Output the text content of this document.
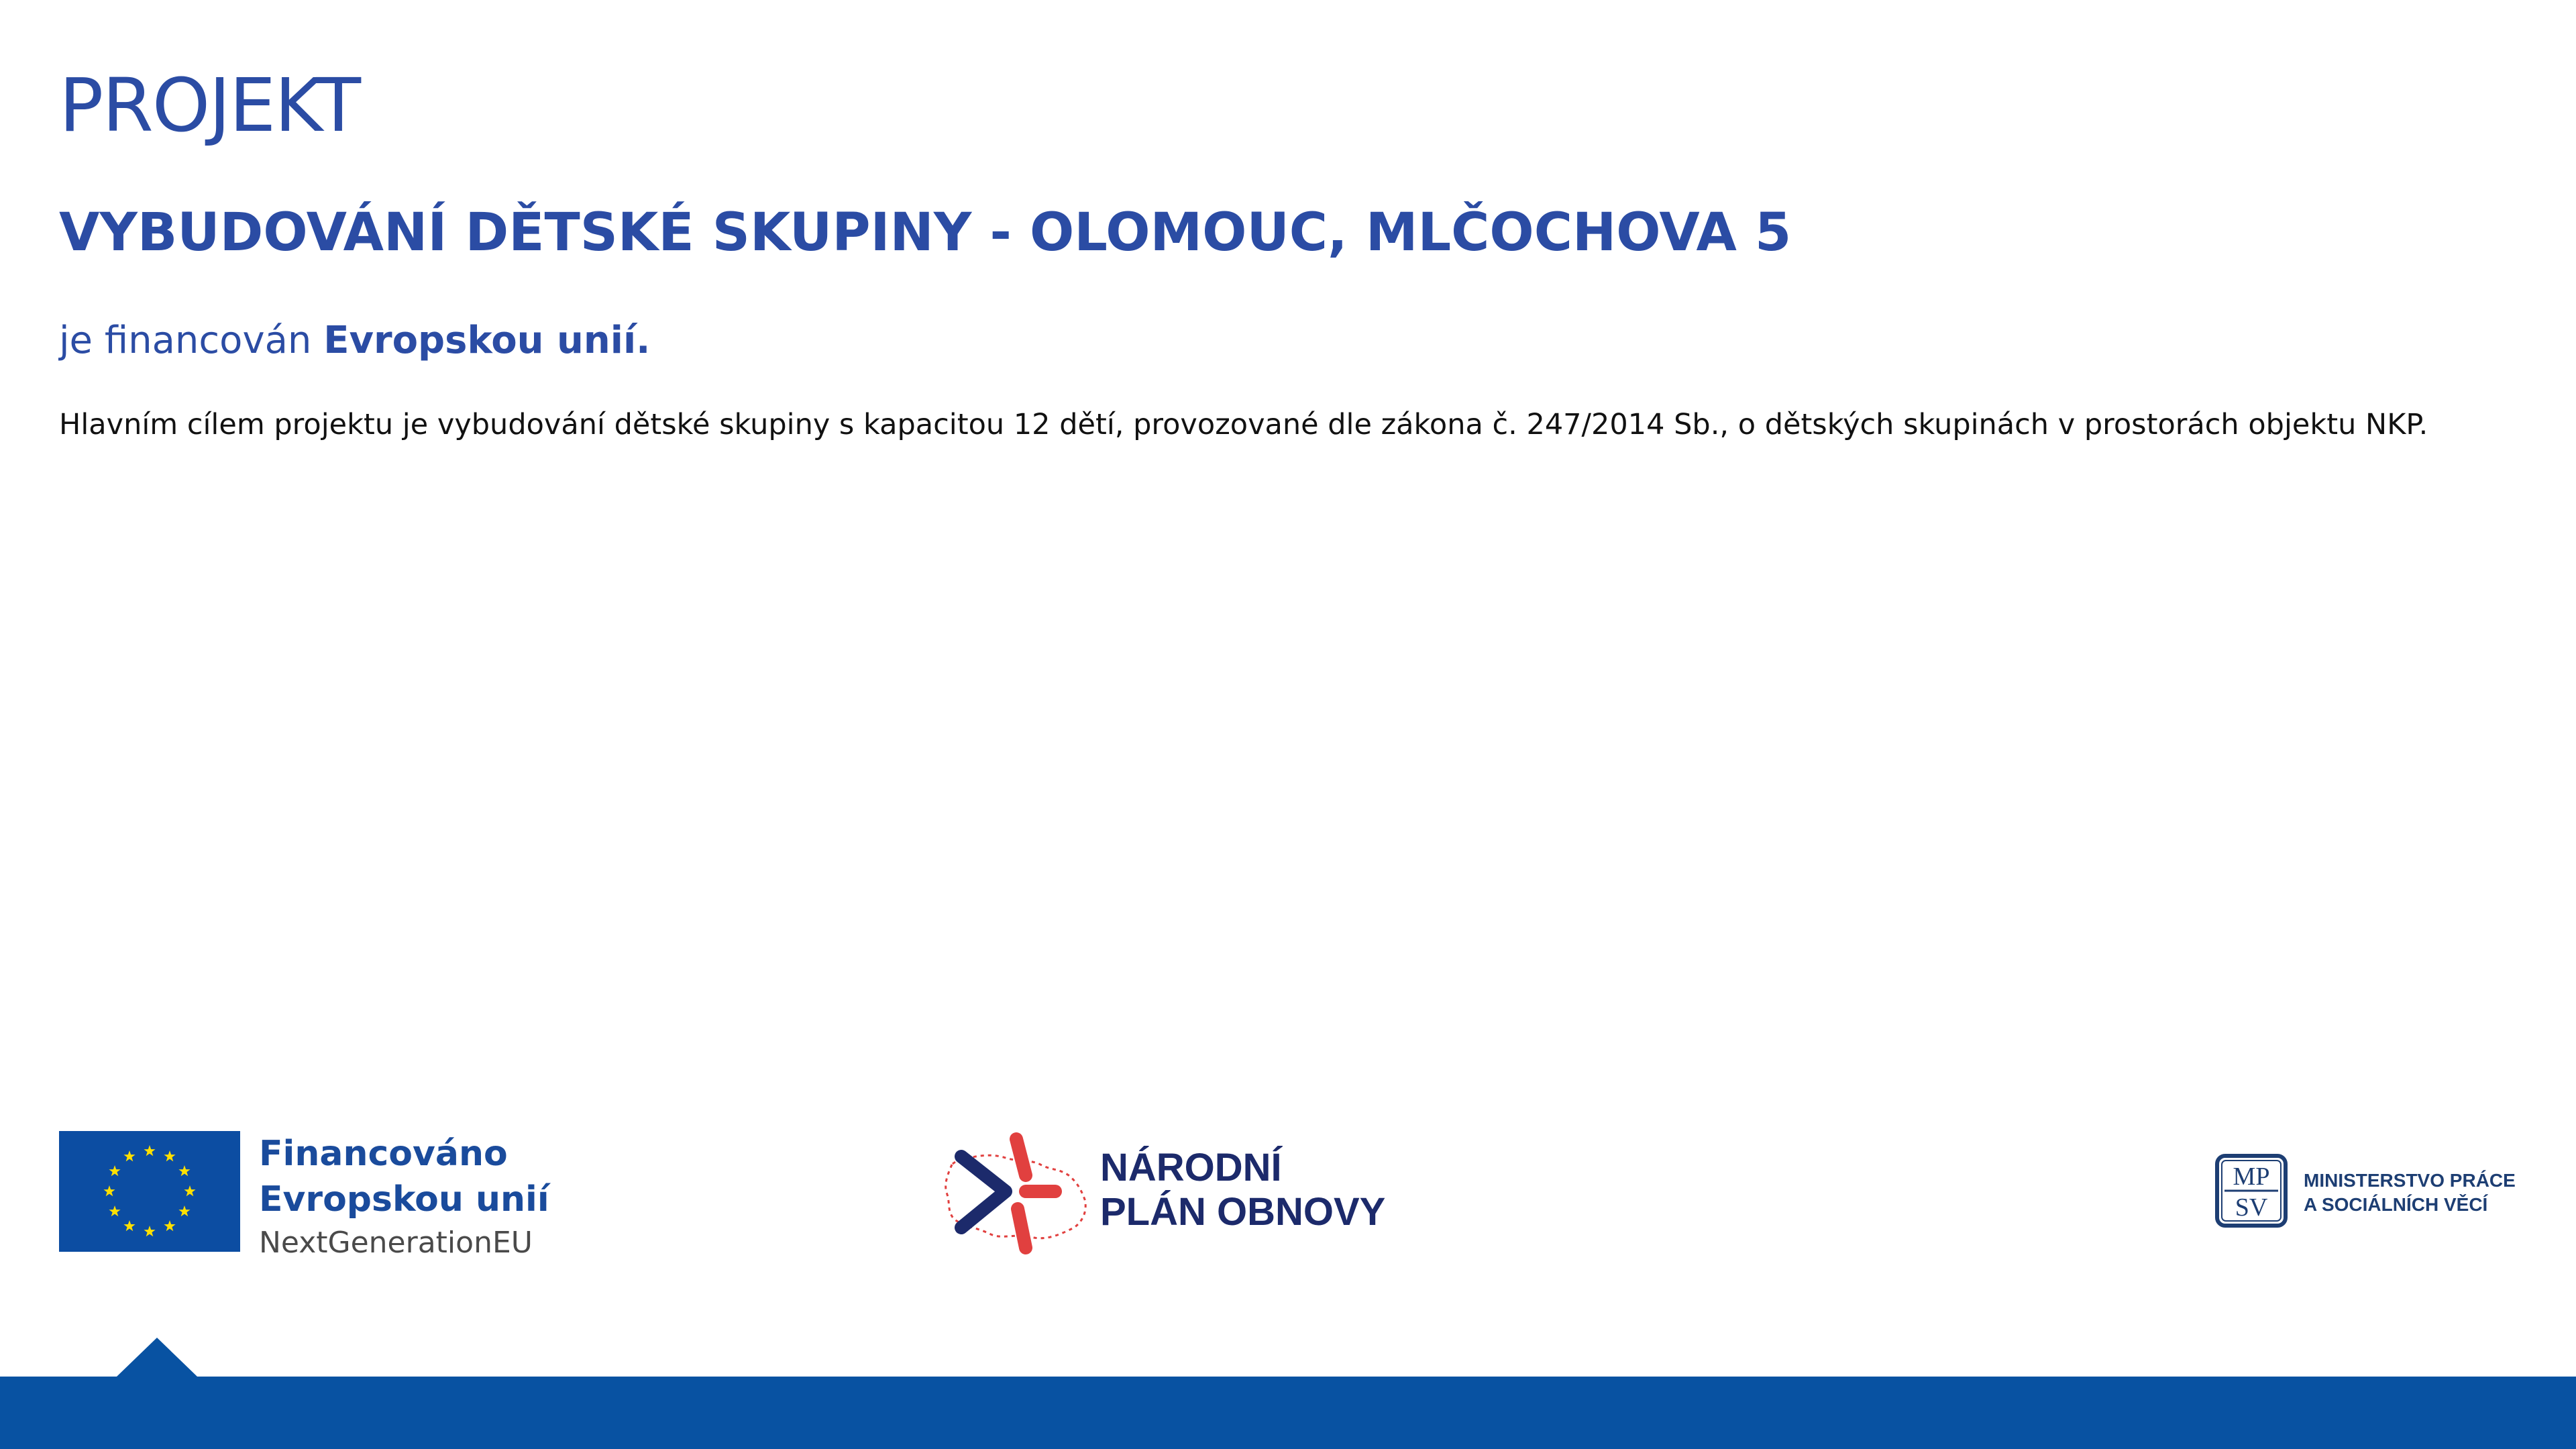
PROJEKT
VYBUDOVÁNÍ DĚTSKÉ SKUPINY - OLOMOUC, MLČOCHOVA 5

je financován Evropskou unií.

Hlavním cílem projektu je vybudování dětské skupiny s kapacitou 12 dětí, provozované dle zákona č. 247/2014 Sb., o dětských skupinách v prostorách objektu NKP.

Financováno
Evropskou unií
NextGenerationEU
NÁRODNÍ
PLÁN OBNOVY
MP
SV
MINISTERSTVO PRÁCE
A SOCIÁLNÍCH VĚCÍ
